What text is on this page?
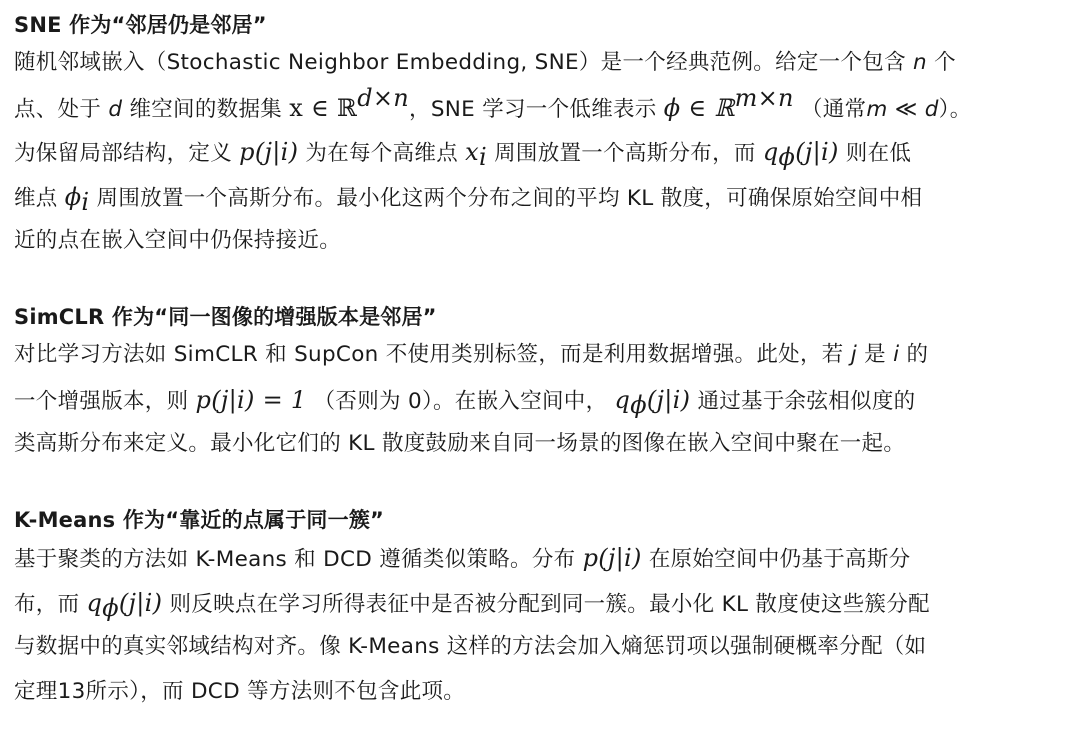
SNE 作为“邻居仍是邻居”
随机邻域嵌入（Stochastic Neighbor Embedding, SNE）是一个经典范例。给定一个包含 n 个
点、处于 d 维空间的数据集 x ∈ ℝ$^{d\times n}$，SNE 学习一个低维表示 ϕ ∈ ℝ$^{m\times n}$ （通常m ≪ d）。
为保留局部结构，定义 p(j|i) 为在每个高维点 $x_i$ 周围放置一个高斯分布，而 $q_\phi(j|i)$ 则在低
维点 $\phi_i$ 周围放置一个高斯分布。最小化这两个分布之间的平均 KL 散度，可确保原始空间中相
近的点在嵌入空间中仍保持接近。
SimCLR 作为“同一图像的增强版本是邻居”
对比学习方法如 SimCLR 和 SupCon 不使用类别标签，而是利用数据增强。此处，若 j 是 i 的
一个增强版本，则 p(j|i) = 1 （否则为 0）。在嵌入空间中， $q_\phi(j|i)$ 通过基于余弦相似度的
类高斯分布来定义。最小化它们的 KL 散度鼓励来自同一场景的图像在嵌入空间中聚在一起。
K-Means 作为“靠近的点属于同一簇”
基于聚类的方法如 K-Means 和 DCD 遵循类似策略。分布 p(j|i) 在原始空间中仍基于高斯分
布，而 $q_\phi(j|i)$ 则反映点在学习所得表征中是否被分配到同一簇。最小化 KL 散度使这些簇分配
与数据中的真实邻域结构对齐。像 K-Means 这样的方法会加入熵惩罚项以强制硬概率分配（如
定理13所示），而 DCD 等方法则不包含此项。
